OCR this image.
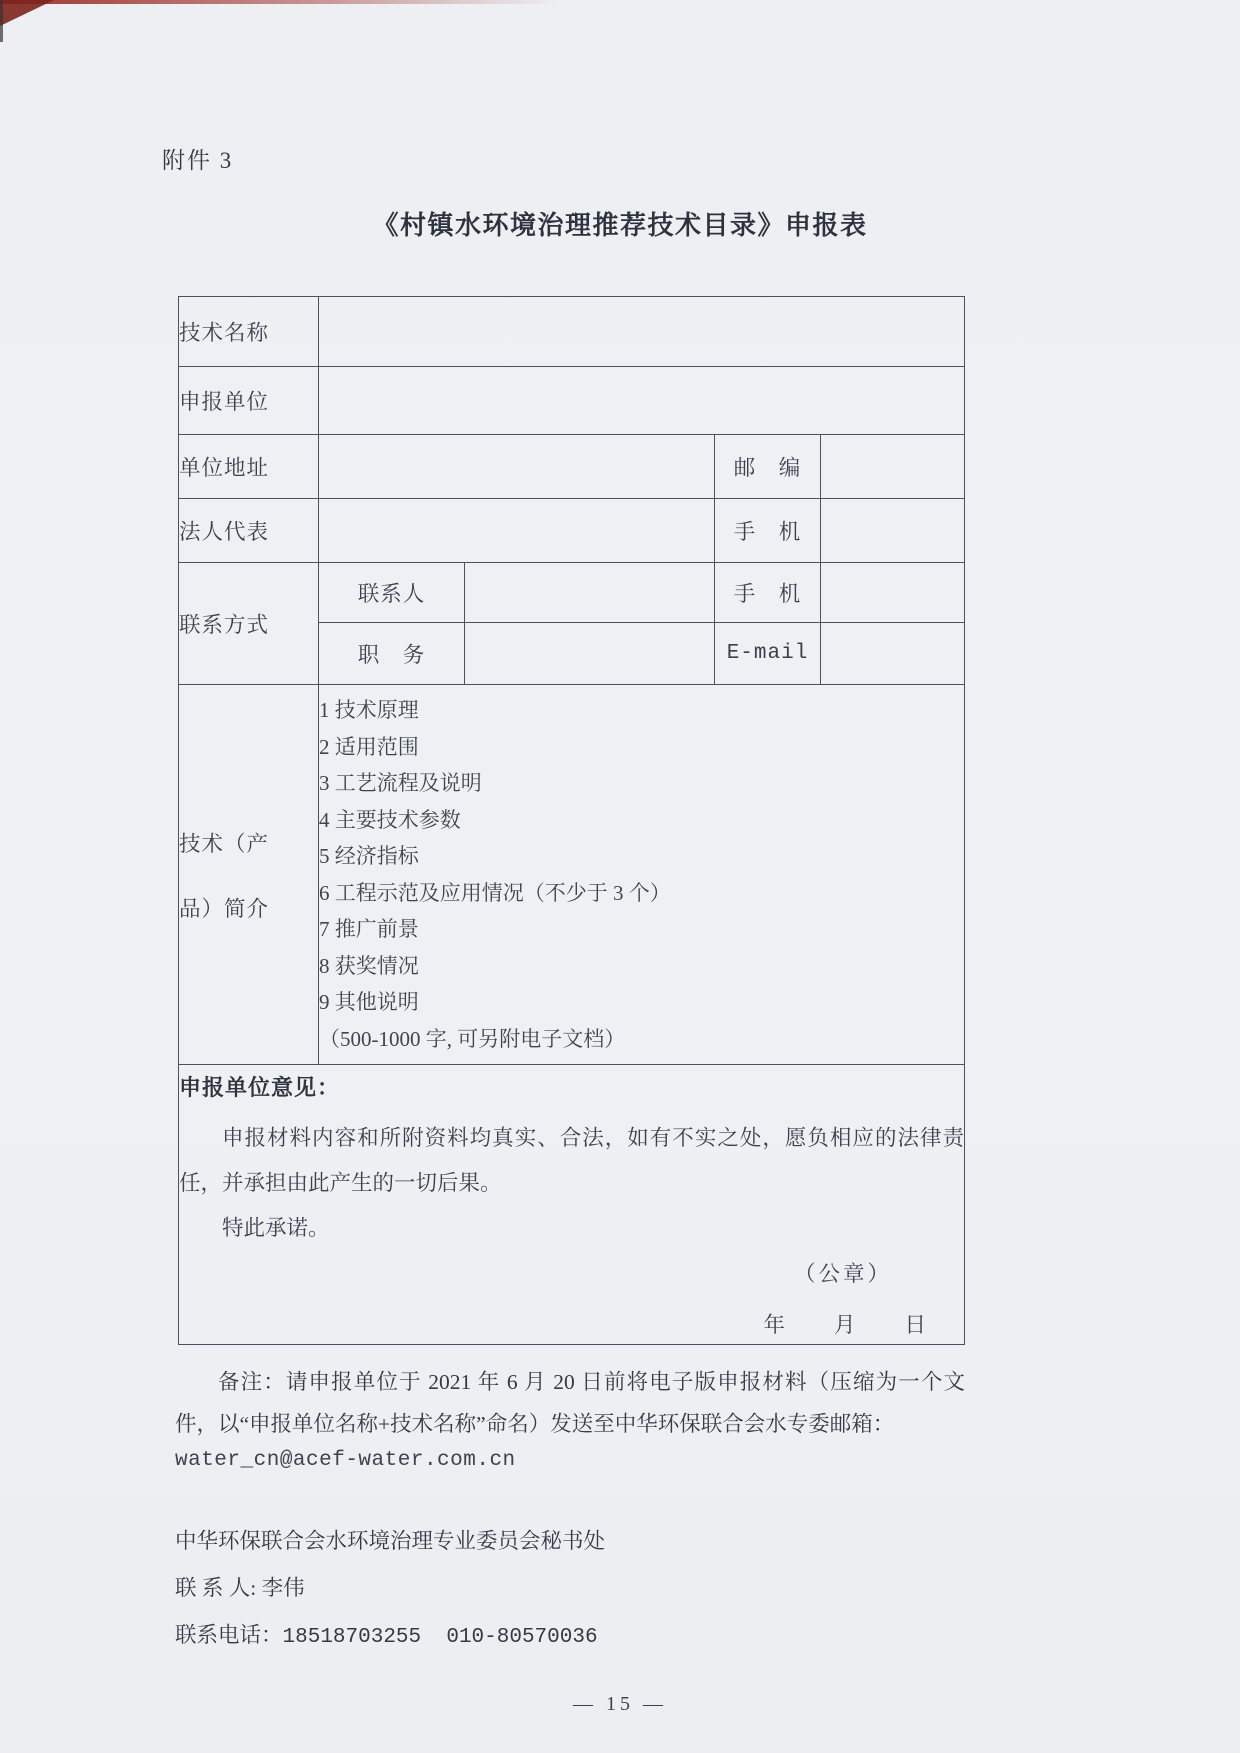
附件 3
《村镇水环境治理推荐技术目录》申报表
技术名称				
申报单位				
单位地址			邮　编	
法人代表			手　机	
联系方式	联系人		手　机	
	职　务		E-mail	

技术（产
品）简介

1 技术原理
2 适用范围
3 工艺流程及说明
4 主要技术参数
5 经济指标
6 工程示范及应用情况（不少于 3 个）
7 推广前景
8 获奖情况
9 其他说明
（500-1000 字, 可另附电子文档）

申报单位意见：

申报材料内容和所附资料均真实、合法，如有不实之处，愿负相应的法律责任，并承担由此产生的一切后果。

特此承诺。

（公章）
年　　月　　日				

备注：请申报单位于 2021 年 6 月 20 日前将电子版申报材料（压缩为一个文件，以“申报单位名称+技术名称”命名）发送至中华环保联合会水专委邮箱：

water_cn@acef-water.com.cn
中华环保联合会水环境治理专业委员会秘书处
联 系 人: 李伟
联系电话：18518703255  010-80570036
— 15 —
